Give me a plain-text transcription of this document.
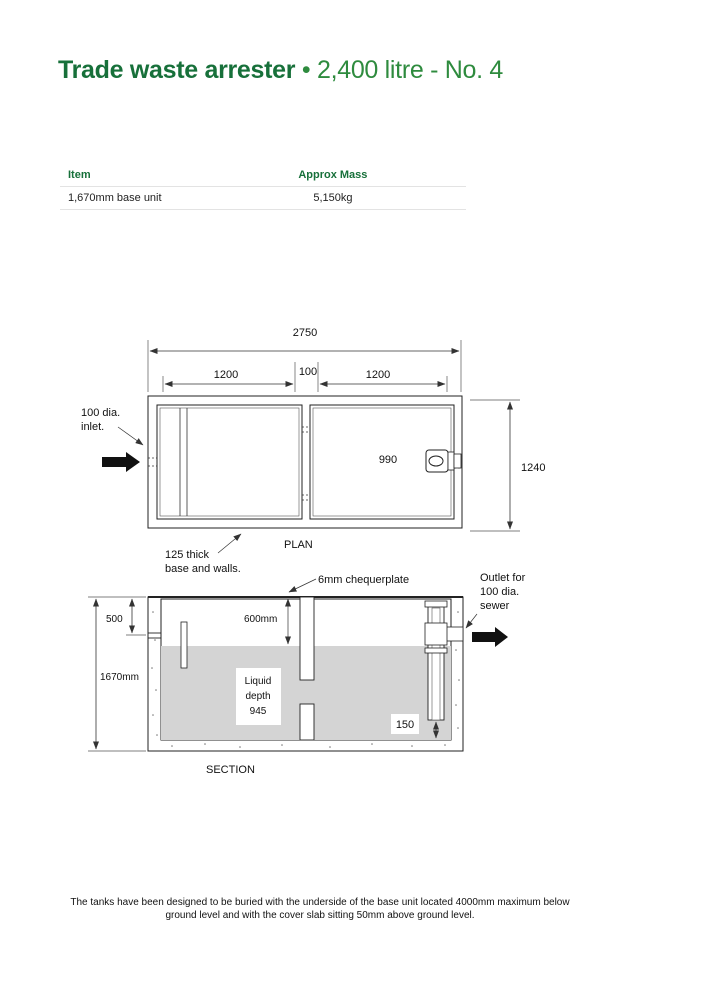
Trade waste arrester • 2,400 litre - No. 4
Item	Approx Mass
1,670mm base unit	5,150kg
2750
1200	100	1200
990
1240
100 dia.
inlet.
125 thick
base and walls.
PLAN
6mm chequerplate	Outlet for
100 dia.
sewer
Liquid
depth
945
600mm
150
500
1670mm
SECTION

The tanks have been designed to be buried with the underside of the base unit located 4000mm maximum below ground level and with the cover slab sitting 50mm above ground level.
